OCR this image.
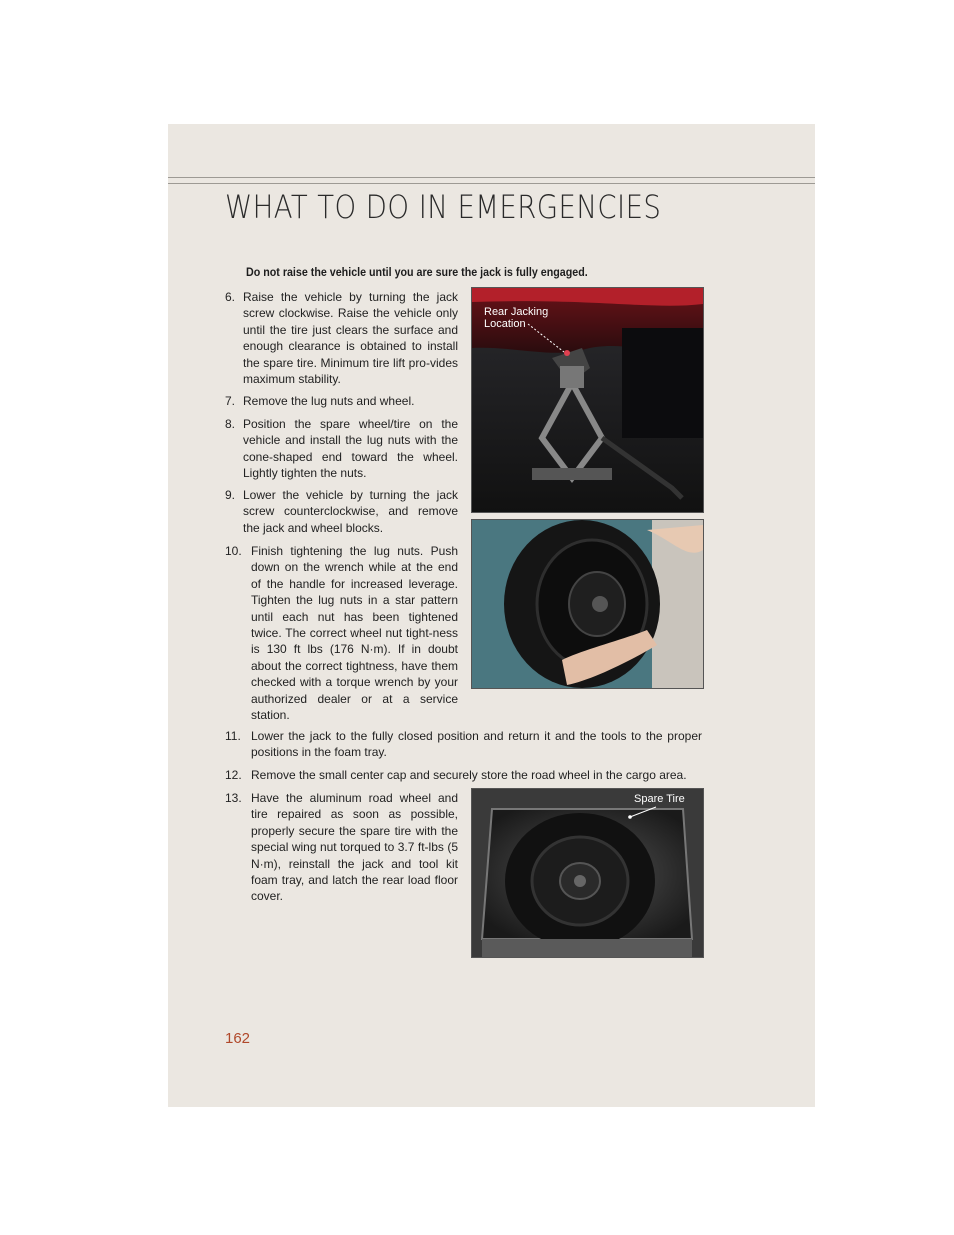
WHAT TO DO IN EMERGENCIES
Do not raise the vehicle until you are sure the jack is fully engaged.
6. Raise the vehicle by turning the jack screw clockwise. Raise the vehicle only until the tire just clears the surface and enough clearance is obtained to install the spare tire. Minimum tire lift pro-vides maximum stability.
7. Remove the lug nuts and wheel.
8. Position the spare wheel/tire on the vehicle and install the lug nuts with the cone-shaped end toward the wheel. Lightly tighten the nuts.
9. Lower the vehicle by turning the jack screw counterclockwise, and remove the jack and wheel blocks.
10. Finish tightening the lug nuts. Push down on the wrench while at the end of the handle for increased leverage. Tighten the lug nuts in a star pattern until each nut has been tightened twice. The correct wheel nut tight-ness is 130 ft lbs (176 N·m). If in doubt about the correct tightness, have them checked with a torque wrench by your authorized dealer or at a service station.
11. Lower the jack to the fully closed position and return it and the tools to the proper positions in the foam tray.
12. Remove the small center cap and securely store the road wheel in the cargo area.
13. Have the aluminum road wheel and tire repaired as soon as possible, properly secure the spare tire with the special wing nut torqued to 3.7 ft-lbs (5 N·m), reinstall the jack and tool kit foam tray, and latch the rear load floor cover.
Rear Jacking
Location
Spare Tire
162
